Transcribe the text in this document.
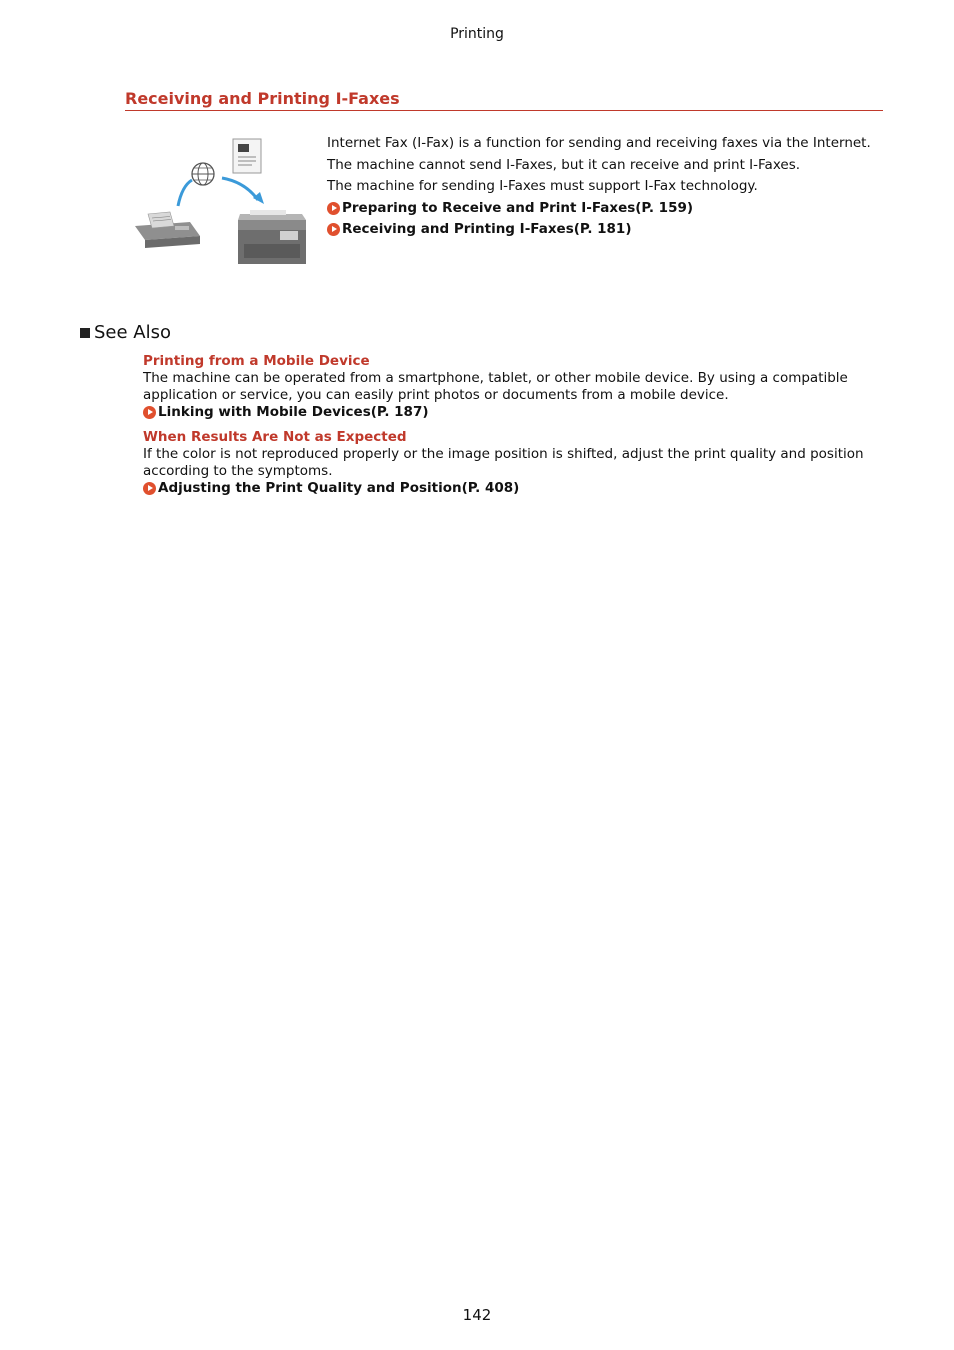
Printing
Receiving and Printing I-Faxes

Internet Fax (I-Fax) is a function for sending and receiving faxes via the Internet.

The machine cannot send I-Faxes, but it can receive and print I-Faxes.

The machine for sending I-Faxes must support I-Fax technology.

Preparing to Receive and Print I-Faxes(P. 159)
Receiving and Printing I-Faxes(P. 181)
See Also
Printing from a Mobile Device

The machine can be operated from a smartphone, tablet, or other mobile device. By using a compatible application or service, you can easily print photos or documents from a mobile device.

Linking with Mobile Devices(P. 187)
When Results Are Not as Expected

If the color is not reproduced properly or the image position is shifted, adjust the print quality and position according to the symptoms.

Adjusting the Print Quality and Position(P. 408)
142
